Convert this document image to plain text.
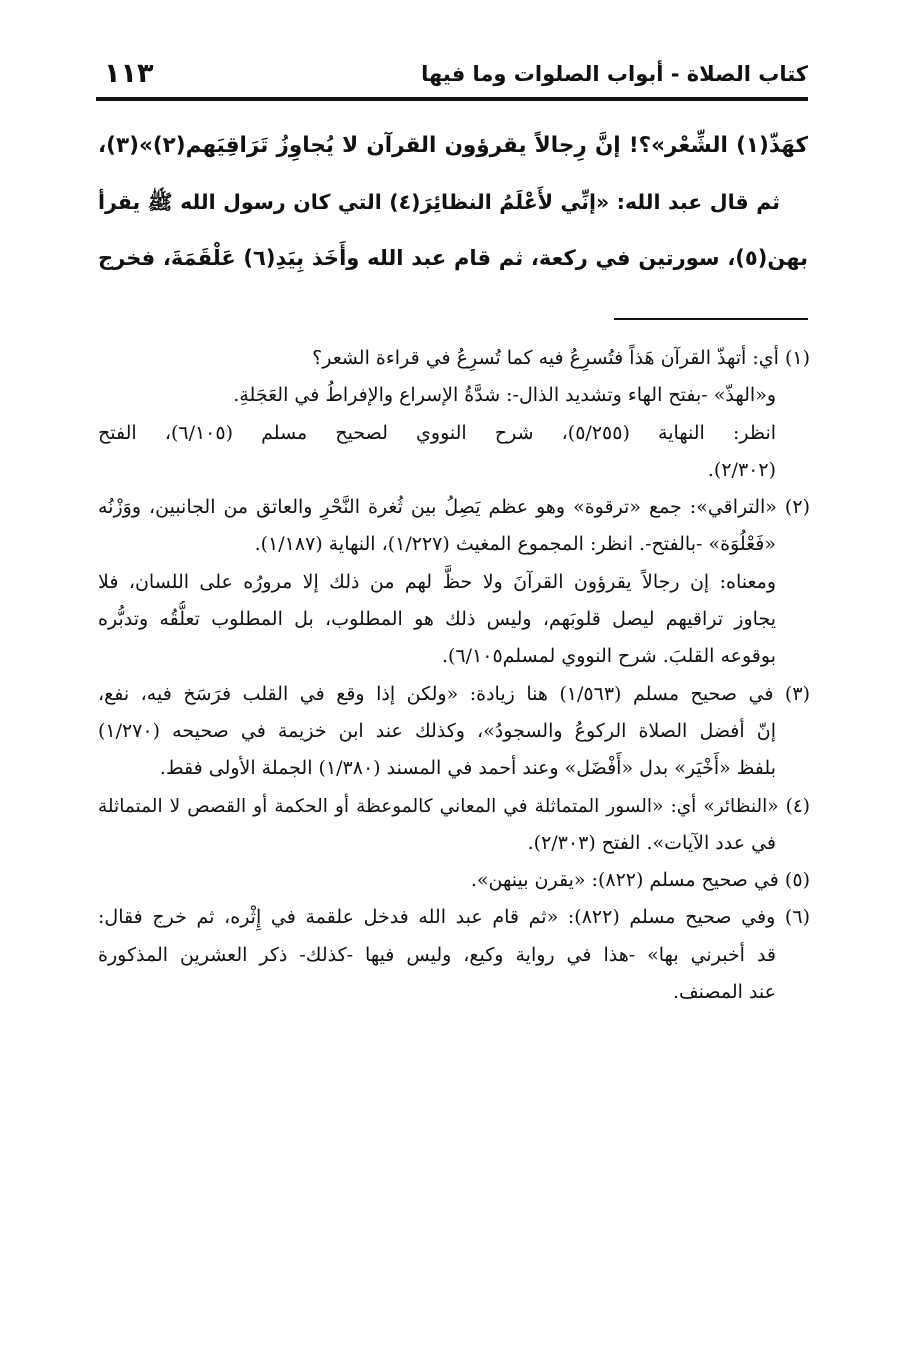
كتاب الصلاة - أبواب الصلوات وما فيها
١١٣
كهَذّ(١) الشِّعْر»؟! إنَّ رِجالاً يقرؤون القرآن لا يُجاوِزُ تَرَاقِيَهم(٢)»(٣)،
ثم قال عبد الله: «إنِّي لأَعْلَمُ النظائِرَ(٤) التي كان رسول الله ﷺ يقرأ
بهن(٥)، سورتين في ركعة، ثم قام عبد الله وأَخَذ بِيَدِ(٦) عَلْقَمَةَ، فخرج
(١) أي: أتهذّ القرآن هَذاً فتُسرِعُ فيه كما تُسرِعُ في قراءة الشعر؟
و«الهذّ» -بفتح الهاء وتشديد الذال-: شدَّةُ الإسراع والإفراطُ في العَجَلةِ.
انظر: النهاية (٥/٢٥٥)، شرح النووي لصحيح مسلم (٦/١٠٥)، الفتح
(٢/٣٠٢).
(٢) «التراقي»: جمع «ترقوة» وهو عظم يَصِلُ بين ثُغرة النَّحْرِ والعاتق من الجانبين، ووَزْنُه
«فَعْلُوَة» -بالفتح-. انظر: المجموع المغيث (١/٢٢٧)، النهاية (١/١٨٧).
ومعناه: إن رجالاً يقرؤون القرآنَ ولا حظَّ لهم من ذلك إلا مرورُه على اللسان، فلا
يجاوز تراقيهم ليصل قلوبَهم، وليس ذلك هو المطلوب، بل المطلوب تعلُّقُه وتدبُّره
بوقوعه القلبَ. شرح النووي لمسلم٦/١٠٥).
(٣) في صحيح مسلم (١/٥٦٣) هنا زيادة: «ولكن إذا وقع في القلب فرَسَخ فيه، نفع،
إنّ أفضل الصلاة الركوعُ والسجودُ»، وكذلك عند ابن خزيمة في صحيحه (١/٢٧٠)
بلفظ «أَخْيَر» بدل «أَفْضَل» وعند أحمد في المسند (١/٣٨٠) الجملة الأولى فقط.
(٤) «النظائر» أي: «السور المتماثلة في المعاني كالموعظة أو الحكمة أو القصص لا المتماثلة
في عدد الآيات». الفتح (٢/٣٠٣).
(٥) في صحيح مسلم (٨٢٢): «يقرن بينهن».
(٦) وفي صحيح مسلم (٨٢٢): «ثم قام عبد الله فدخل علقمة في إِثْره، ثم خرج فقال:
قد أخبرني بها» -هذا في رواية وكيع، وليس فيها -كذلك- ذكر العشرين المذكورة
عند المصنف.
